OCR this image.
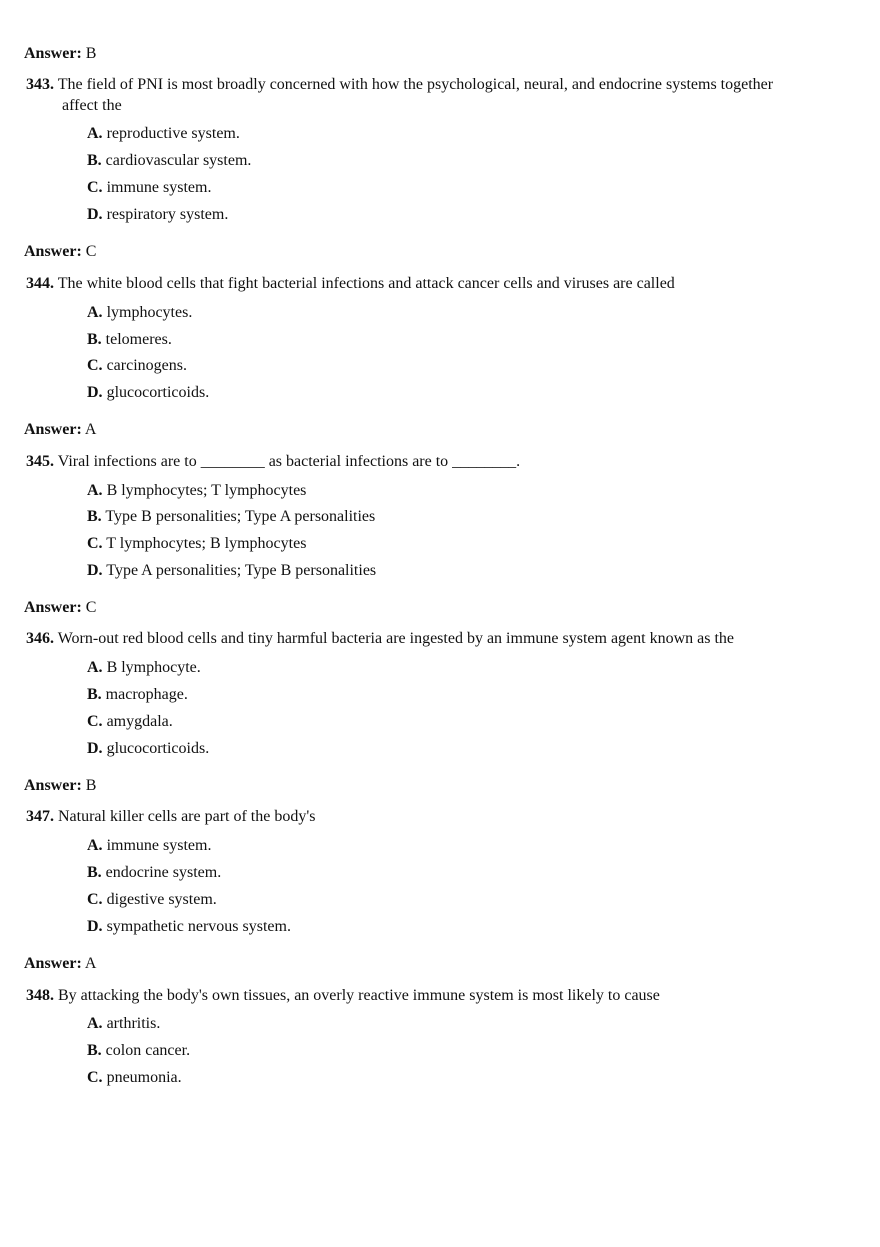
Answer: B
343. The field of PNI is most broadly concerned with how the psychological, neural, and endocrine systems together
affect the
A. reproductive system.
B. cardiovascular system.
C. immune system.
D. respiratory system.
Answer: C
344. The white blood cells that fight bacterial infections and attack cancer cells and viruses are called
A. lymphocytes.
B. telomeres.
C. carcinogens.
D. glucocorticoids.
Answer: A
345. Viral infections are to ________ as bacterial infections are to ________.
A. B lymphocytes; T lymphocytes
B. Type B personalities; Type A personalities
C. T lymphocytes; B lymphocytes
D. Type A personalities; Type B personalities
Answer: C
346. Worn-out red blood cells and tiny harmful bacteria are ingested by an immune system agent known as the
A. B lymphocyte.
B. macrophage.
C. amygdala.
D. glucocorticoids.
Answer: B
347. Natural killer cells are part of the body's
A. immune system.
B. endocrine system.
C. digestive system.
D. sympathetic nervous system.
Answer: A
348. By attacking the body's own tissues, an overly reactive immune system is most likely to cause
A. arthritis.
B. colon cancer.
C. pneumonia.
